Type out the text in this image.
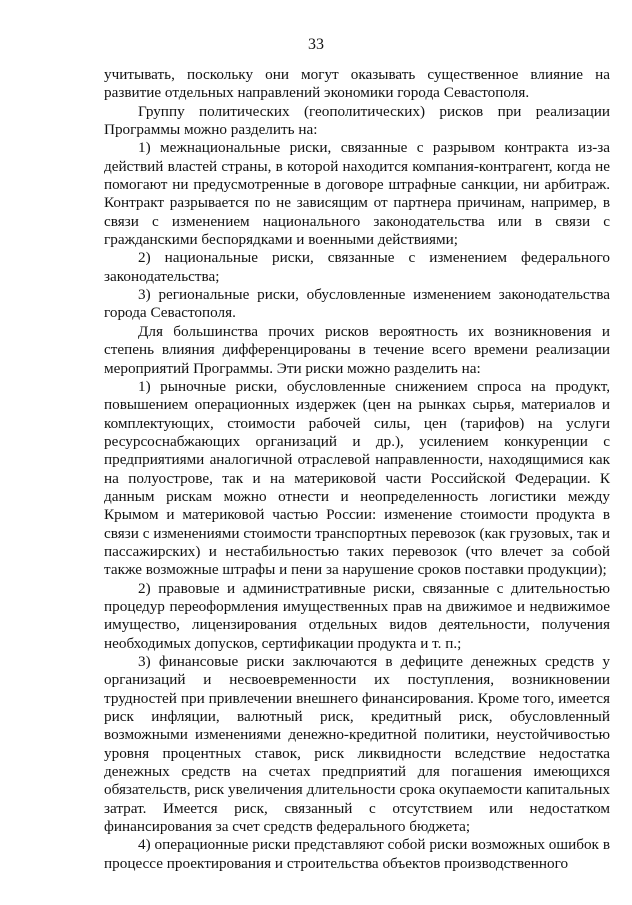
33

учитывать, поскольку они могут оказывать существенное влияние на развитие отдельных направлений экономики города Севастополя.

Группу политических (геополитических) рисков при реализации Программы можно разделить на:

1) межнациональные риски, связанные с разрывом контракта из-за действий властей страны, в которой находится компания-контрагент, когда не помогают ни предусмотренные в договоре штрафные санкции, ни арбитраж. Контракт разрывается по не зависящим от партнера причинам, например, в связи с изменением национального законодательства или в связи с гражданскими беспорядками и военными действиями;

2) национальные риски, связанные с изменением федерального законодательства;

3) региональные риски, обусловленные изменением законодательства города Севастополя.

Для большинства прочих рисков вероятность их возникновения и степень влияния дифференцированы в течение всего времени реализации мероприятий Программы. Эти риски можно разделить на:

1) рыночные риски, обусловленные снижением спроса на продукт, повышением операционных издержек (цен на рынках сырья, материалов и комплектующих, стоимости рабочей силы, цен (тарифов) на услуги ресурсоснабжающих организаций и др.), усилением конкуренции с предприятиями аналогичной отраслевой направленности, находящимися как на полуострове, так и на материковой части Российской Федерации. К данным рискам можно отнести и неопределенность логистики между Крымом и материковой частью России: изменение стоимости продукта в связи с изменениями стоимости транспортных перевозок (как грузовых, так и пассажирских) и нестабильностью таких перевозок (что влечет за собой также возможные штрафы и пени за нарушение сроков поставки продукции);

2) правовые и административные риски, связанные с длительностью процедур переоформления имущественных прав на движимое и недвижимое имущество, лицензирования отдельных видов деятельности, получения необходимых допусков, сертификации продукта и т. п.;

3) финансовые риски заключаются в дефиците денежных средств у организаций и несвоевременности их поступления, возникновении трудностей при привлечении внешнего финансирования. Кроме того, имеется риск инфляции, валютный риск, кредитный риск, обусловленный возможными изменениями денежно-кредитной политики, неустойчивостью уровня процентных ставок, риск ликвидности вследствие недостатка денежных средств на счетах предприятий для погашения имеющихся обязательств, риск увеличения длительности срока окупаемости капитальных затрат. Имеется риск, связанный с отсутствием или недостатком финансирования за счет средств федерального бюджета;

4) операционные риски представляют собой риски возможных ошибок в процессе проектирования и строительства объектов производственного
